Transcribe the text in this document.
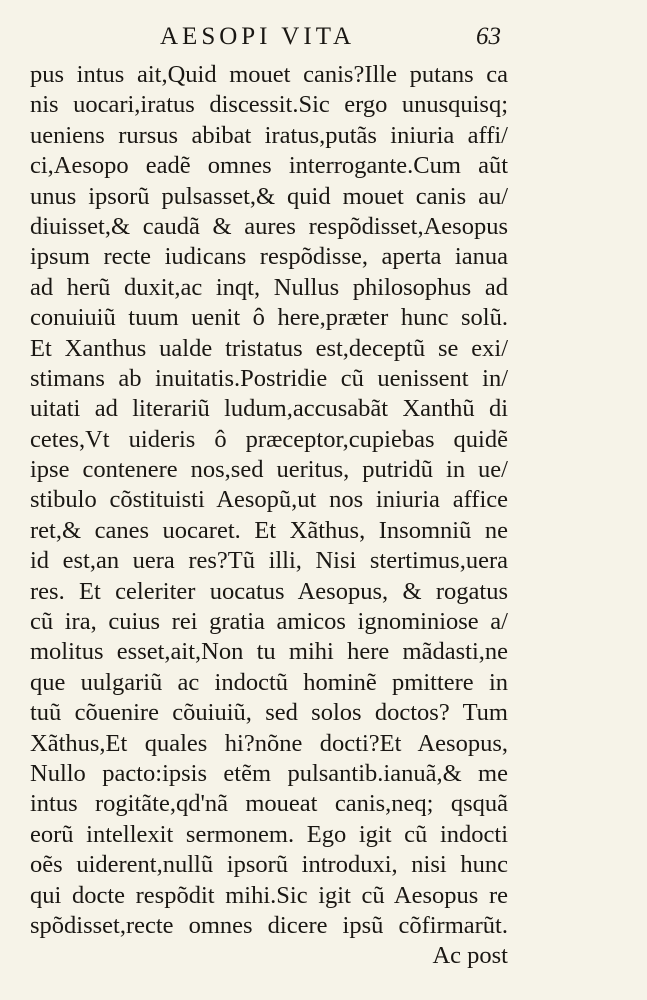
AESOPI VITA	63
pus intus ait,Quid mouet canis?Ille putans ca
nis uocari,iratus discessit.Sic ergo unusquisq;
ueniens rursus abibat iratus,putãs iniuria affi/
ci,Aesopo eadẽ omnes interrogante.Cum aũt
unus ipsorũ pulsasset,& quid mouet canis au/
diuisset,& caudã & aures respõdisset,Aesopus
ipsum recte iudicans respõdisse, aperta ianua
ad herũ duxit,ac inqt, Nullus philosophus ad
conuiuiũ tuum uenit ô here,præter hunc solũ.
Et Xanthus ualde tristatus est,deceptũ se exi/
stimans ab inuitatis.Postridie cũ uenissent in/
uitati ad literariũ ludum,accusabãt Xanthũ di
cetes,Vt uideris ô præceptor,cupiebas quidẽ
ipse contenere nos,sed ueritus, putridũ in ue/
stibulo cõstituisti Aesopũ,ut nos iniuria affice
ret,& canes uocaret. Et Xãthus, Insomniũ ne
id est,an uera res?Tũ illi, Nisi stertimus,uera
res. Et celeriter uocatus Aesopus, & rogatus
cũ ira, cuius rei gratia amicos ignominiose a/
molitus esset,ait,Non tu mihi here mãdasti,ne
que uulgariũ ac indoctũ hominẽ pmittere in
tuũ cõuenire cõuiuiũ, sed solos doctos? Tum
Xãthus,Et quales hi?nõne docti?Et Aesopus,
Nullo pacto:ipsis etẽm pulsantib.ianuã,& me
intus rogitãte,qd'nã moueat canis,neq; qsquã
eorũ intellexit sermonem. Ego igit cũ indocti
oẽs uiderent,nullũ ipsorũ introduxi, nisi hunc
qui docte respõdit mihi.Sic igit cũ Aesopus re
spõdisset,recte omnes dicere ipsũ cõfirmarũt.
Ac post
